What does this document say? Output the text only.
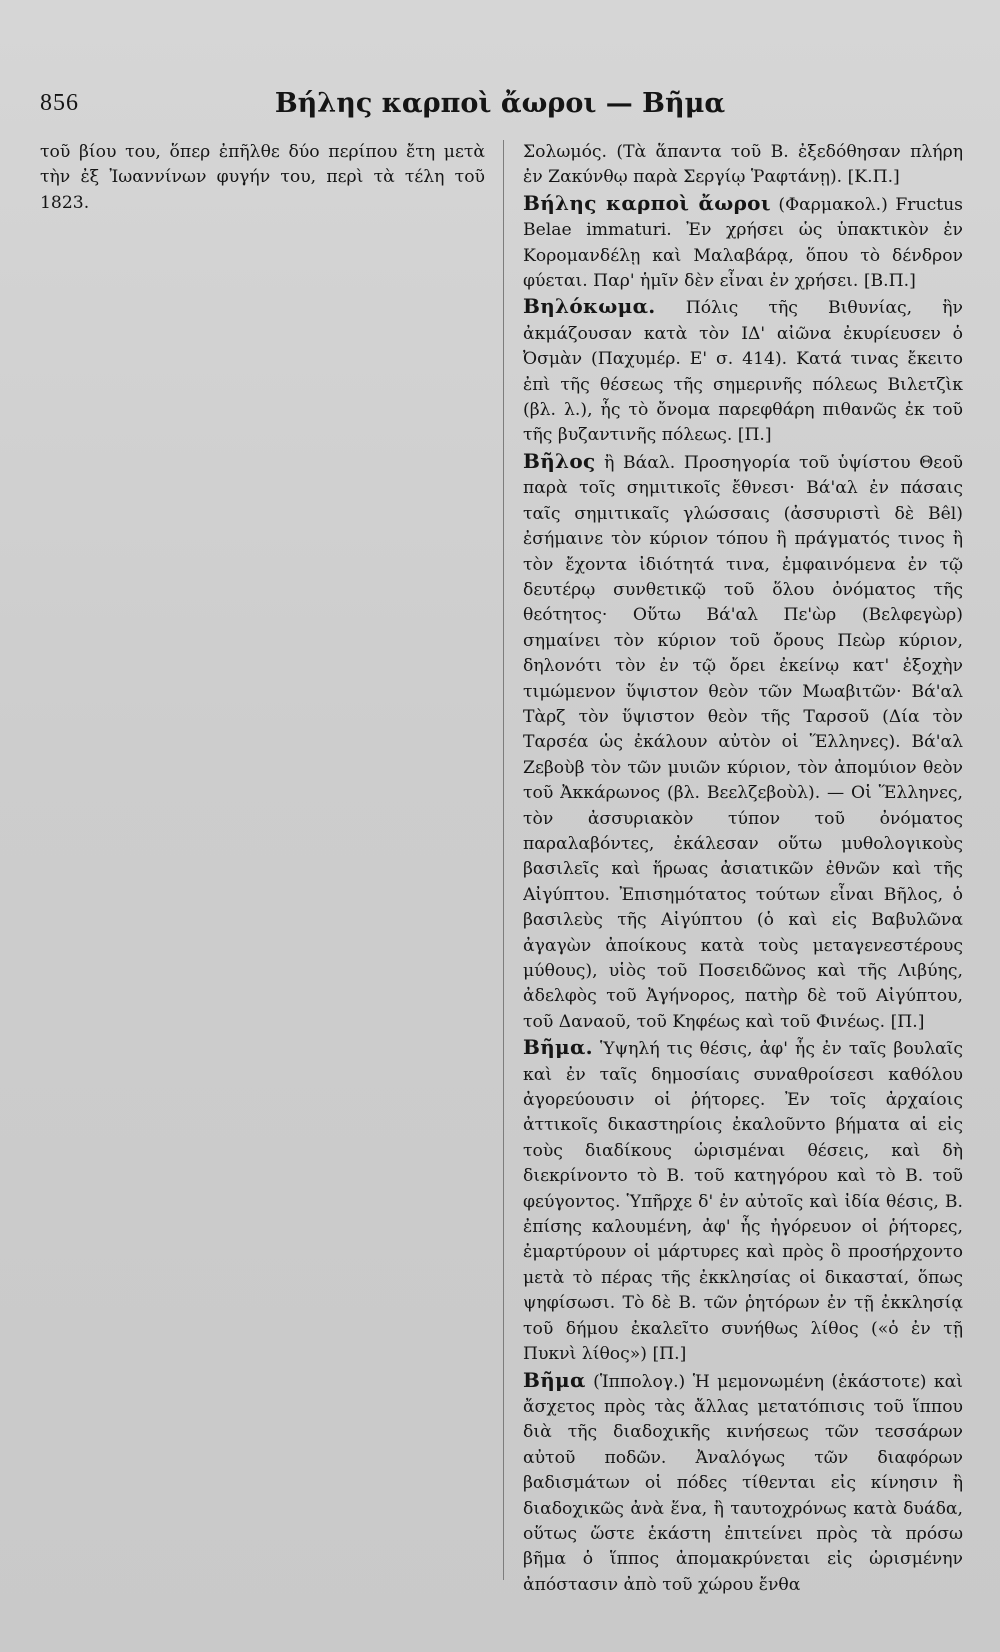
856	Βήλης καρποὶ ἄωροι — Βῆμα

τοῦ βίου του, ὅπερ ἐπῆλθε δύο περίπου ἔτη μετὰ τὴν ἐξ Ἰωαννίνων φυγήν του, περὶ τὰ τέλη τοῦ 1823.

Σολωμός. (Τὰ ἅπαντα τοῦ Β. ἐξεδόθησαν πλήρη ἐν Ζακύνθῳ παρὰ Σεργίῳ Ῥαφτάνῃ). [Κ.Π.]

Βήλης καρποὶ ἄωροι (Φαρμακολ.) Fructus Belae immaturi. Ἐν χρήσει ὡς ὑπακτικὸν ἐν Κορομανδέλῃ καὶ Μαλαβάρᾳ, ὅπου τὸ δένδρον φύεται. Παρ' ἡμῖν δὲν εἶναι ἐν χρήσει. [Β.Π.]

Βηλόκωμα. Πόλις τῆς Βιθυνίας, ἣν ἀκμάζουσαν κατὰ τὸν ΙΔ' αἰῶνα ἐκυρίευσεν ὁ Ὀσμὰν (Παχυμέρ. Ε' σ. 414). Κατά τινας ἔκειτο ἐπὶ τῆς θέσεως τῆς σημερινῆς πόλεως Βιλετζὶκ (βλ. λ.), ἧς τὸ ὄνομα παρεφθάρη πιθανῶς ἐκ τοῦ τῆς βυζαντινῆς πόλεως. [Π.]

Βῆλος ἢ Βάαλ. Προσηγορία τοῦ ὑψίστου Θεοῦ παρὰ τοῖς σημιτικοῖς ἔθνεσι· Βά'αλ ἐν πάσαις ταῖς σημιτικαῖς γλώσσαις (ἀσσυριστὶ δὲ Bêl) ἐσήμαινε τὸν κύριον τόπου ἢ πράγματός τινος ἢ τὸν ἔχοντα ἰδιότητά τινα, ἐμφαινόμενα ἐν τῷ δευτέρῳ συνθετικῷ τοῦ ὅλου ὀνόματος τῆς θεότητος· Οὕτω Βά'αλ Πε'ὼρ (Βελφεγὼρ) σημαίνει τὸν κύριον τοῦ ὄρους Πεὼρ κύριον, δηλονότι τὸν ἐν τῷ ὄρει ἐκείνῳ κατ' ἐξοχὴν τιμώμενον ὕψιστον θεὸν τῶν Μωαβιτῶν· Βά'αλ Τὰρζ τὸν ὕψιστον θεὸν τῆς Ταρσοῦ (Δία τὸν Ταρσέα ὡς ἐκάλουν αὐτὸν οἱ Ἕλληνες). Βά'αλ Ζεβοὺβ τὸν τῶν μυιῶν κύριον, τὸν ἀπομύιον θεὸν τοῦ Ἀκκάρωνος (βλ. Βεελζεβοὺλ). — Οἱ Ἕλληνες, τὸν ἀσσυριακὸν τύπον τοῦ ὀνόματος παραλαβόντες, ἐκάλεσαν οὕτω μυθολογικοὺς βασιλεῖς καὶ ἥρωας ἀσιατικῶν ἐθνῶν καὶ τῆς Αἰγύπτου. Ἐπισημότατος τούτων εἶναι Βῆλος, ὁ βασιλεὺς τῆς Αἰγύπτου (ὁ καὶ εἰς Βαβυλῶνα ἀγαγὼν ἀποίκους κατὰ τοὺς μεταγενεστέρους μύθους), υἱὸς τοῦ Ποσειδῶνος καὶ τῆς Λιβύης, ἀδελφὸς τοῦ Ἀγήνορος, πατὴρ δὲ τοῦ Αἰγύπτου, τοῦ Δαναοῦ, τοῦ Κηφέως καὶ τοῦ Φινέως. [Π.]

Βῆμα. Ὑψηλή τις θέσις, ἀφ' ἧς ἐν ταῖς βουλαῖς καὶ ἐν ταῖς δημοσίαις συναθροίσεσι καθόλου ἀγορεύουσιν οἱ ῥήτορες. Ἐν τοῖς ἀρχαίοις ἀττικοῖς δικαστηρίοις ἐκαλοῦντο βήματα αἱ εἰς τοὺς διαδίκους ὡρισμέναι θέσεις, καὶ δὴ διεκρίνοντο τὸ Β. τοῦ κατηγόρου καὶ τὸ Β. τοῦ φεύγοντος. Ὑπῆρχε δ' ἐν αὐτοῖς καὶ ἰδία θέσις, Β. ἐπίσης καλουμένη, ἀφ' ἧς ἠγόρευον οἱ ῥήτορες, ἐμαρτύρουν οἱ μάρτυρες καὶ πρὸς ὃ προσήρχοντο μετὰ τὸ πέρας τῆς ἐκκλησίας οἱ δικασταί, ὅπως ψηφίσωσι. Τὸ δὲ Β. τῶν ῥητόρων ἐν τῇ ἐκκλησίᾳ τοῦ δήμου ἐκαλεῖτο συνήθως λίθος («ὁ ἐν τῇ Πυκνὶ λίθος») [Π.]

Βῆμα (Ἱππολογ.) Ἡ μεμονωμένη (ἑκάστοτε) καὶ ἄσχετος πρὸς τὰς ἄλλας μετατόπισις τοῦ ἵππου διὰ τῆς διαδοχικῆς κινήσεως τῶν τεσσάρων αὐτοῦ ποδῶν. Ἀναλόγως τῶν διαφόρων βαδισμάτων οἱ πόδες τίθενται εἰς κίνησιν ἢ διαδοχικῶς ἀνὰ ἕνα, ἢ ταυτοχρόνως κατὰ δυάδα, οὕτως ὥστε ἑκάστη ἐπιτείνει πρὸς τὰ πρόσω βῆμα ὁ ἵππος ἀπομακρύνεται εἰς ὡρισμένην ἀπόστασιν ἀπὸ τοῦ χώρου ἔνθα
